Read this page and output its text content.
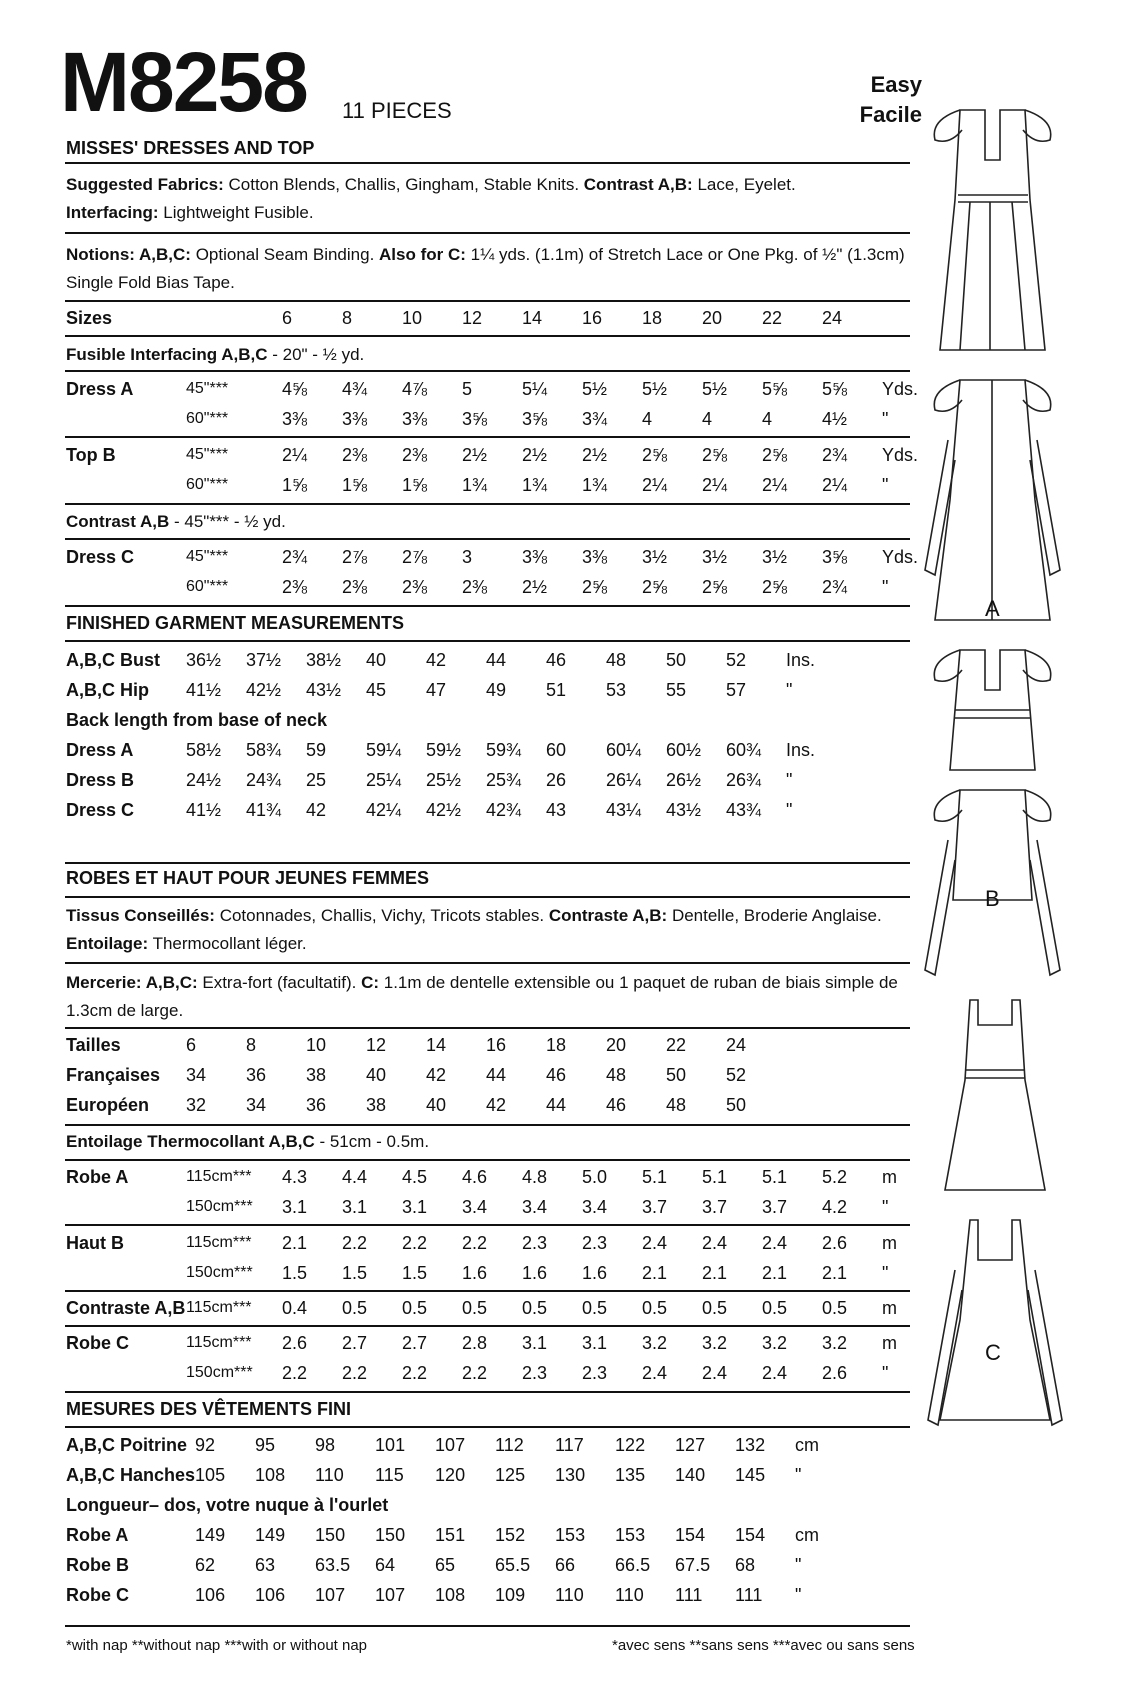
M8258 11 PIECES
Easy
Facile
MISSES' DRESSES AND TOP
Suggested Fabrics: Cotton Blends, Challis, Gingham, Stable Knits. Contrast A,B: Lace, Eyelet.
Interfacing: Lightweight Fusible.
Notions: A,B,C: Optional Seam Binding. Also for C: 1¼ yds. (1.1m) of Stretch Lace or One Pkg. of ½" (1.3cm)
Single Fold Bias Tape.
Sizes		6	8	10	12	14	16	18	20	22	24
Fusible Interfacing A,B,C - 20" - ½ yd.
Dress A	45"***	4⅝	4¾	4⅞	5	5¼	5½	5½	5½	5⅝	5⅝	Yds.
	60"***	3⅜	3⅜	3⅜	3⅝	3⅝	3¾	4	4	4	4½	"
Top B	45"***	2¼	2⅜	2⅜	2½	2½	2½	2⅝	2⅝	2⅝	2¾	Yds.
	60"***	1⅝	1⅝	1⅝	1¾	1¾	1¾	2¼	2¼	2¼	2¼	"
Contrast A,B - 45"*** - ½ yd.
Dress C	45"***	2¾	2⅞	2⅞	3	3⅜	3⅜	3½	3½	3½	3⅝	Yds.
	60"***	2⅜	2⅜	2⅜	2⅜	2½	2⅝	2⅝	2⅝	2⅝	2¾	"
FINISHED GARMENT MEASUREMENTS
A,B,C Bust	36½	37½	38½	40	42	44	46	48	50	52	Ins.
A,B,C Hip	41½	42½	43½	45	47	49	51	53	55	57	"
Back length from base of neck											
Dress A	58½	58¾	59	59¼	59½	59¾	60	60¼	60½	60¾	Ins.
Dress B	24½	24¾	25	25¼	25½	25¾	26	26¼	26½	26¾	"
Dress C	41½	41¾	42	42¼	42½	42¾	43	43¼	43½	43¾	"
ROBES ET HAUT POUR JEUNES FEMMES
Tissus Conseillés: Cotonnades, Challis, Vichy, Tricots stables. Contraste A,B: Dentelle, Broderie Anglaise.
Entoilage: Thermocollant léger.
Mercerie: A,B,C: Extra-fort (facultatif). C: 1.1m de dentelle extensible ou 1 paquet de ruban de biais simple de
1.3cm de large.
Tailles	6	8	10	12	14	16	18	20	22	24	
Françaises	34	36	38	40	42	44	46	48	50	52	
Européen	32	34	36	38	40	42	44	46	48	50	
Entoilage Thermocollant A,B,C - 51cm - 0.5m.
Robe A	115cm***	4.3	4.4	4.5	4.6	4.8	5.0	5.1	5.1	5.1	5.2	m
	150cm***	3.1	3.1	3.1	3.4	3.4	3.4	3.7	3.7	3.7	4.2	"
Haut B	115cm***	2.1	2.2	2.2	2.2	2.3	2.3	2.4	2.4	2.4	2.6	m
	150cm***	1.5	1.5	1.5	1.6	1.6	1.6	2.1	2.1	2.1	2.1	"
Contraste A,B	115cm***	0.4	0.5	0.5	0.5	0.5	0.5	0.5	0.5	0.5	0.5	m
Robe C	115cm***	2.6	2.7	2.7	2.8	3.1	3.1	3.2	3.2	3.2	3.2	m
	150cm***	2.2	2.2	2.2	2.2	2.3	2.3	2.4	2.4	2.4	2.6	"
MESURES DES VÊTEMENTS FINI
A,B,C Poitrine	92	95	98	101	107	112	117	122	127	132	cm
A,B,C Hanches	105	108	110	115	120	125	130	135	140	145	"
Longueur– dos, votre nuque à l'ourlet											
Robe A	149	149	150	150	151	152	153	153	154	154	cm
Robe B	62	63	63.5	64	65	65.5	66	66.5	67.5	68	"
Robe C	106	106	107	107	108	109	110	110	111	111	"
*with nap **without nap ***with or without nap	*avec sens **sans sens ***avec ou sans sens
A
B
C
